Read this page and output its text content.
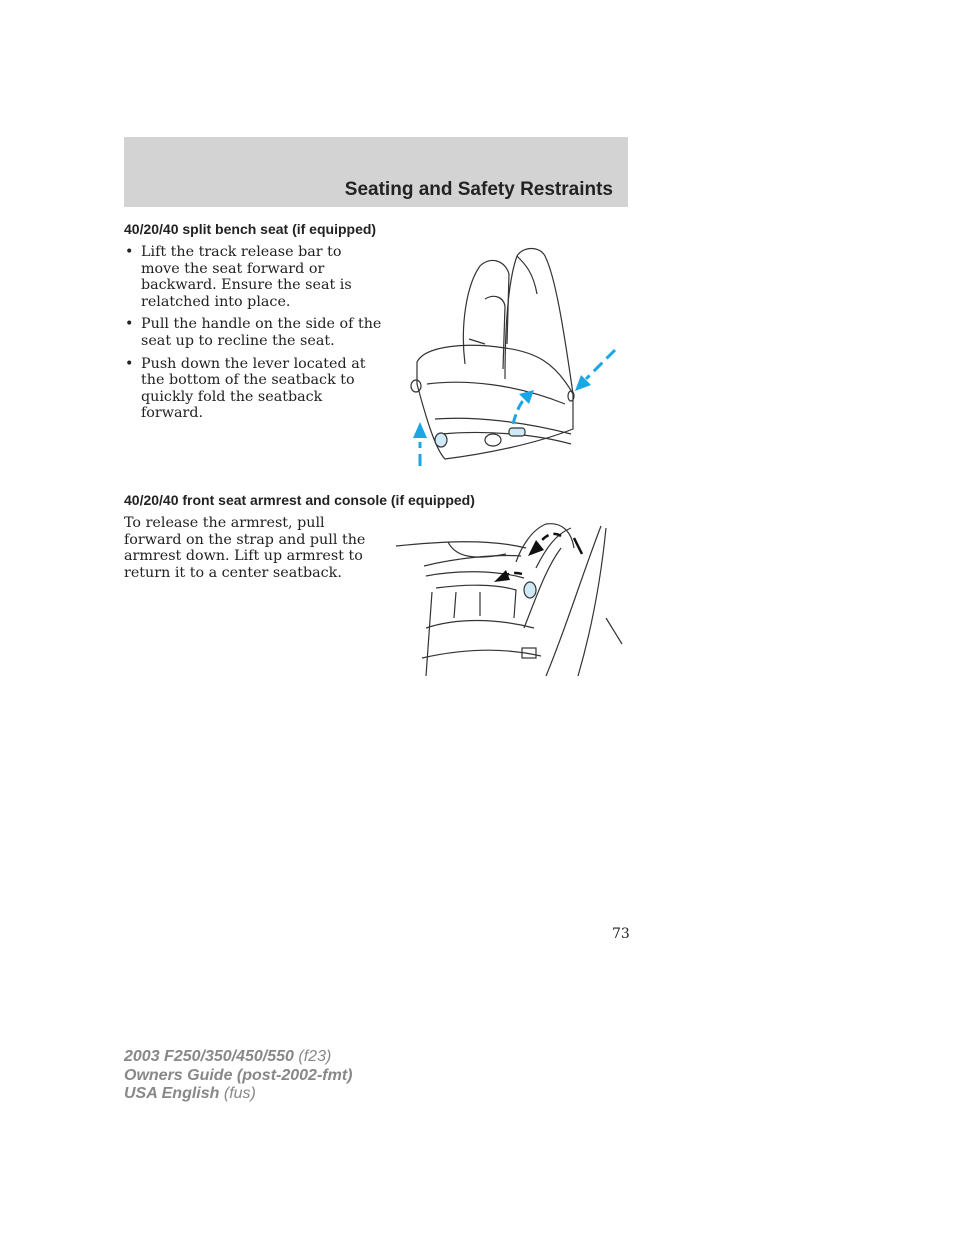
Seating and Safety Restraints
40/20/40 split bench seat (if equipped)
• Lift the track release bar to move the seat forward or backward. Ensure the seat is relatched into place.
• Pull the handle on the side of the seat up to recline the seat.
• Push down the lever located at the bottom of the seatback to quickly fold the seatback forward.
40/20/40 front seat armrest and console (if equipped)

To release the armrest, pull forward on the strap and pull the armrest down. Lift up armrest to return it to a center seatback.

73
2003 F250/350/450/550 (f23)
Owners Guide (post-2002-fmt)
USA English (fus)
